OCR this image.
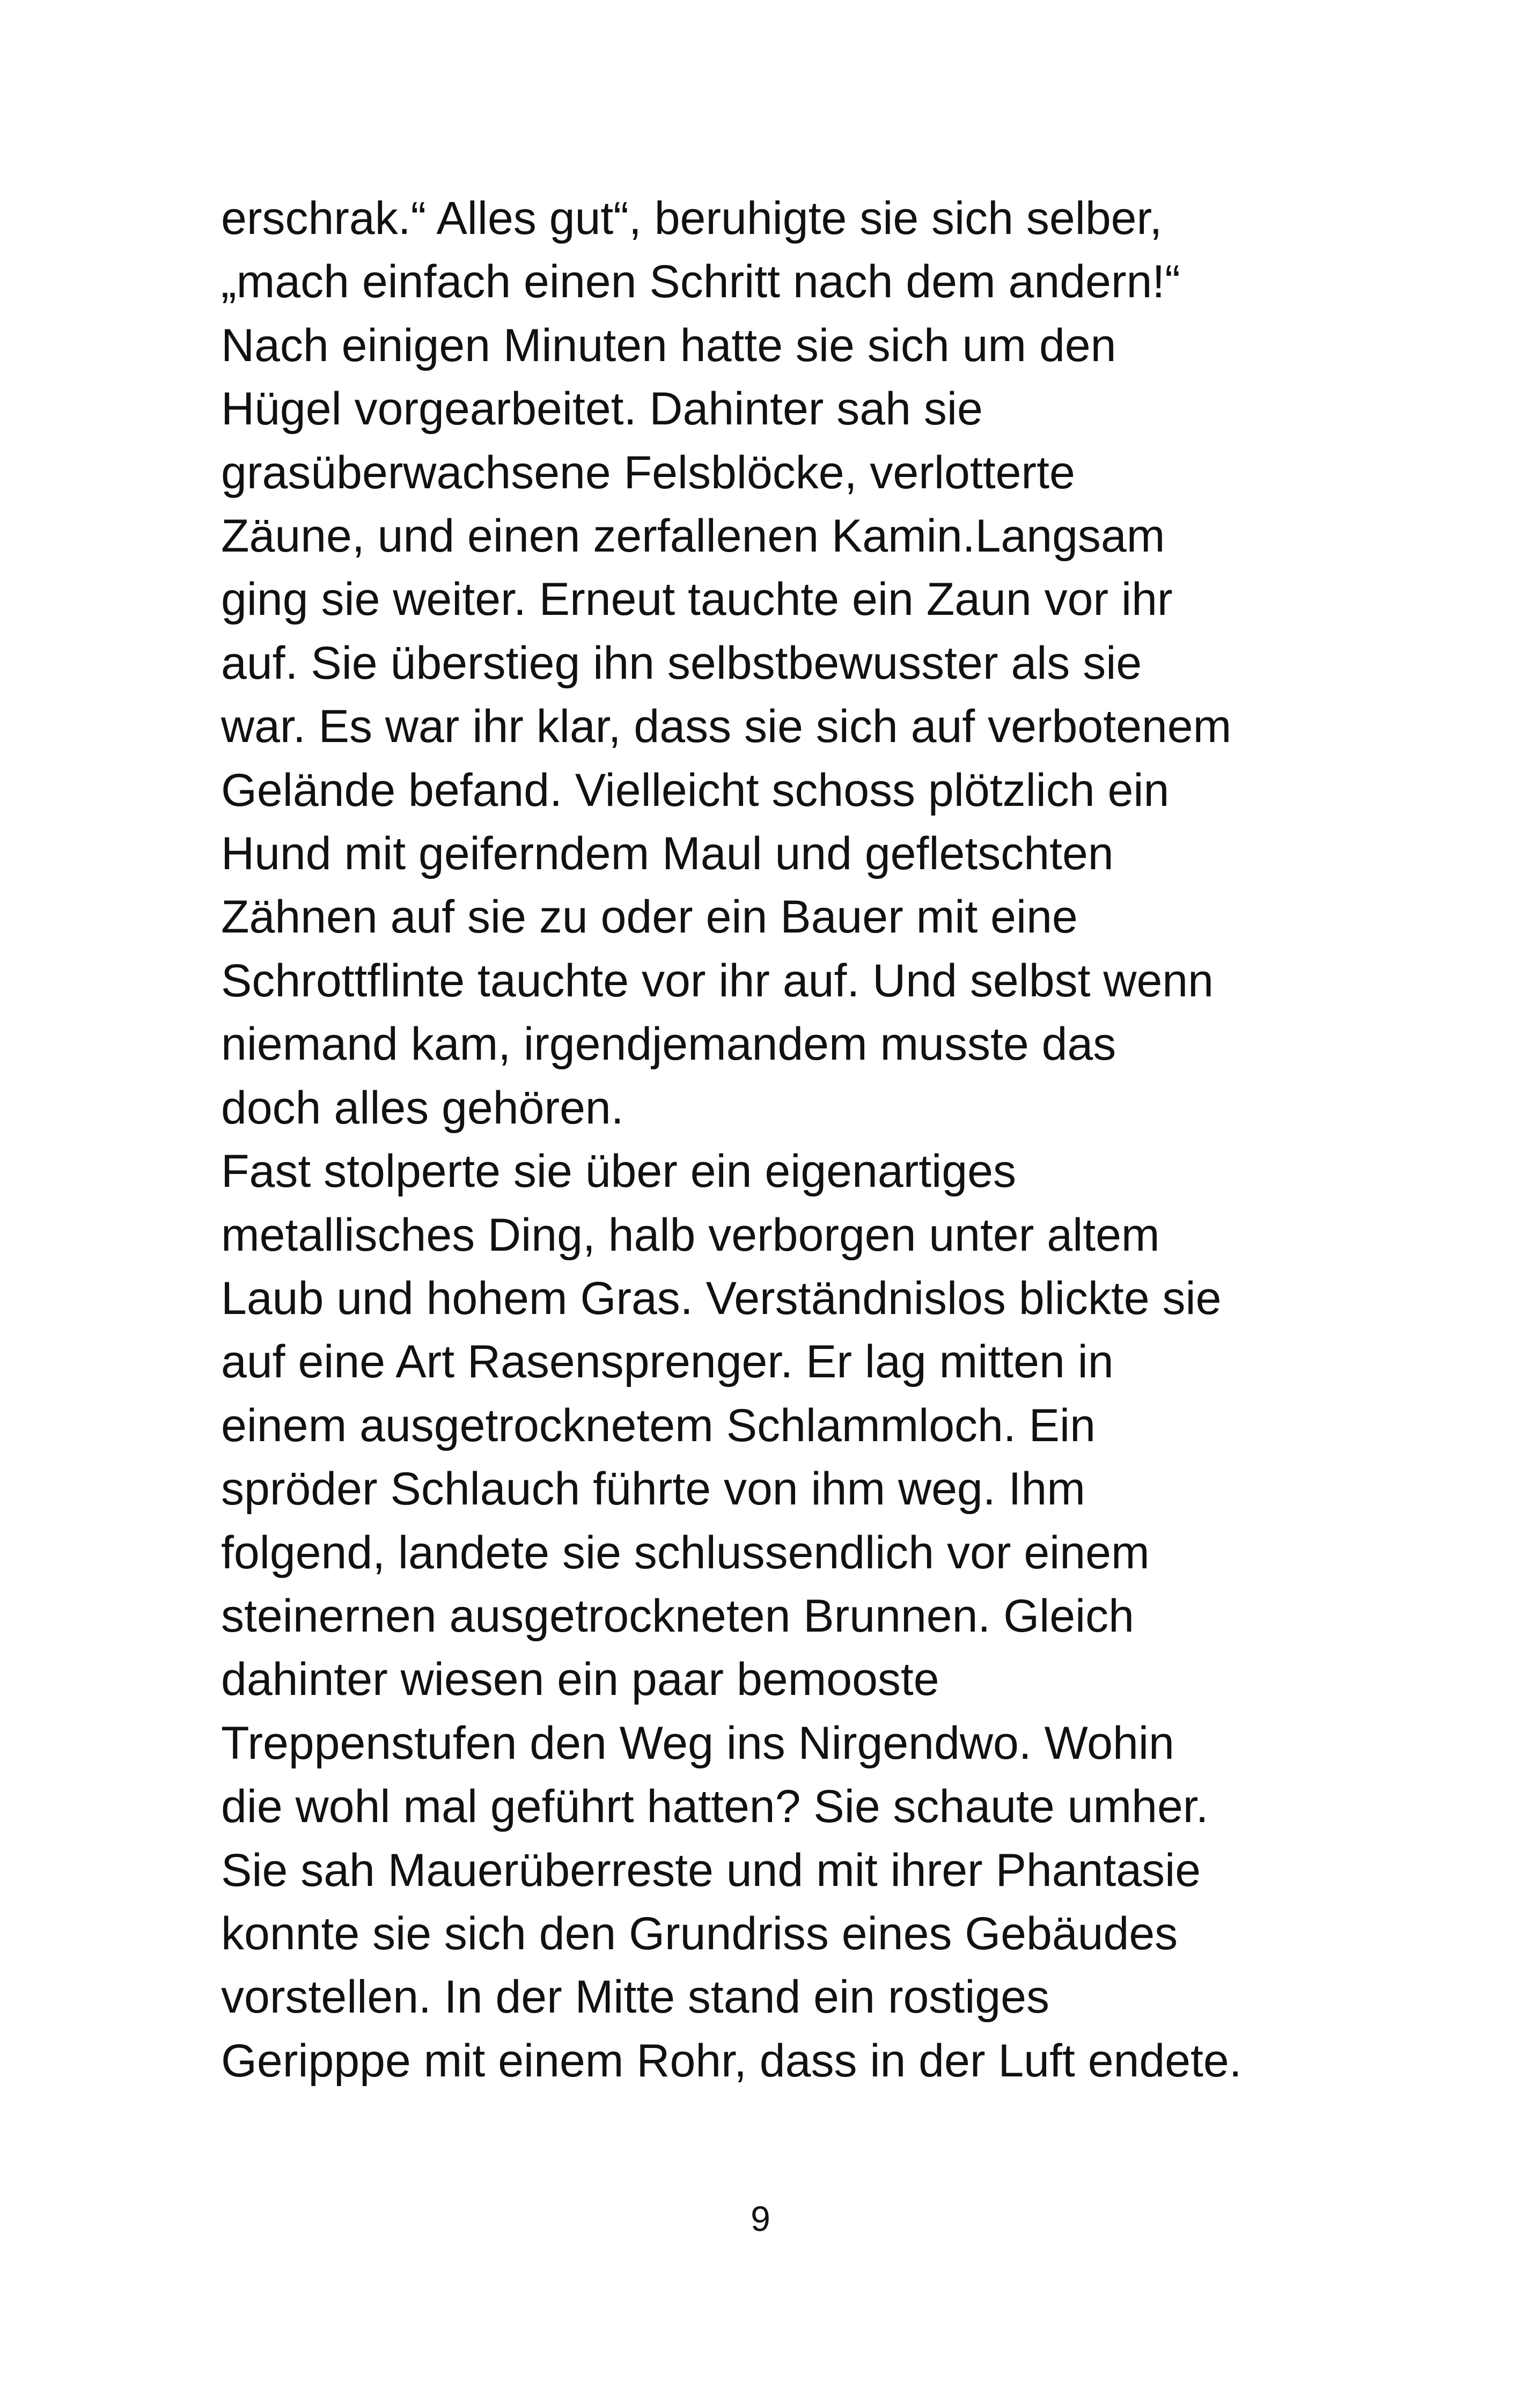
erschrak.“ Alles gut“, beruhigte sie sich selber,
„mach einfach einen Schritt nach dem andern!“
Nach einigen Minuten hatte sie sich um den
Hügel vorgearbeitet. Dahinter sah sie
grasüberwachsene Felsblöcke, verlotterte
Zäune, und einen zerfallenen Kamin.Langsam
ging sie weiter. Erneut tauchte ein Zaun vor ihr
auf. Sie überstieg ihn selbstbewusster als sie
war. Es war ihr klar, dass sie sich auf verbotenem
Gelände befand. Vielleicht schoss plötzlich ein
Hund mit geiferndem Maul und gefletschten
Zähnen auf sie zu oder ein Bauer mit eine
Schrottflinte tauchte vor ihr auf. Und selbst wenn
niemand kam, irgendjemandem musste das
doch alles gehören.
Fast stolperte sie über ein eigenartiges
metallisches Ding, halb verborgen unter altem
Laub und hohem Gras. Verständnislos blickte sie
auf eine Art Rasensprenger. Er lag mitten in
einem ausgetrocknetem Schlammloch. Ein
spröder Schlauch führte von ihm weg. Ihm
folgend, landete sie schlussendlich vor einem
steinernen ausgetrockneten Brunnen. Gleich
dahinter wiesen ein paar bemooste
Treppenstufen den Weg ins Nirgendwo. Wohin
die wohl mal geführt hatten? Sie schaute umher.
Sie sah Mauerüberreste und mit ihrer Phantasie
konnte sie sich den Grundriss eines Gebäudes
vorstellen. In der Mitte stand ein rostiges
Geripppe mit einem Rohr, dass in der Luft endete.
9
